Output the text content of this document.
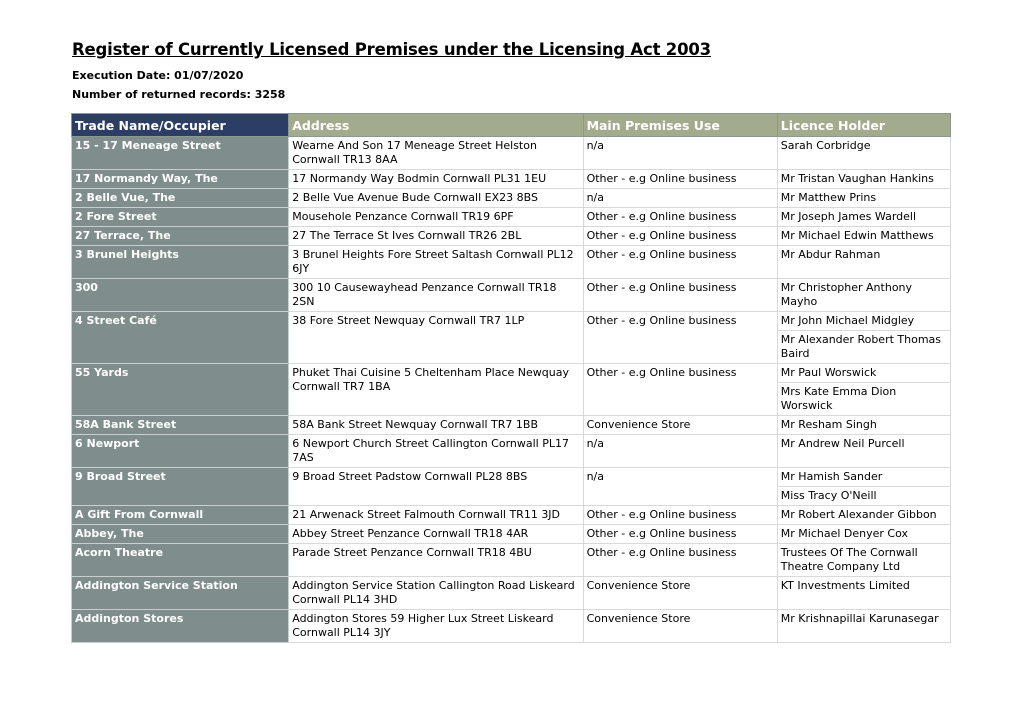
Register of Currently Licensed Premises under the Licensing Act 2003
Execution Date: 01/07/2020
Number of returned records: 3258
Trade Name/Occupier	Address	Main Premises Use	Licence Holder
15 - 17 Meneage Street	Wearne And Son 17 Meneage Street Helston Cornwall TR13 8AA	n/a	Sarah Corbridge
17 Normandy Way, The	17 Normandy Way Bodmin Cornwall PL31 1EU	Other - e.g Online business	Mr Tristan Vaughan Hankins
2 Belle Vue, The	2 Belle Vue Avenue Bude Cornwall EX23 8BS	n/a	Mr Matthew Prins
2 Fore Street	Mousehole Penzance Cornwall TR19 6PF	Other - e.g Online business	Mr Joseph James Wardell
27 Terrace, The	27 The Terrace St Ives Cornwall TR26 2BL	Other - e.g Online business	Mr Michael Edwin Matthews
3 Brunel Heights	3 Brunel Heights Fore Street Saltash Cornwall PL12 6JY	Other - e.g Online business	Mr Abdur Rahman
300	300 10 Causewayhead Penzance Cornwall TR18 2SN	Other - e.g Online business	Mr Christopher Anthony Mayho
4 Street Café	38 Fore Street Newquay Cornwall TR7 1LP	Other - e.g Online business	Mr John Michael Midgley
			Mr Alexander Robert Thomas Baird
55 Yards	Phuket Thai Cuisine 5 Cheltenham Place Newquay Cornwall TR7 1BA	Other - e.g Online business	Mr Paul Worswick
			Mrs Kate Emma Dion Worswick
58A Bank Street	58A Bank Street Newquay Cornwall TR7 1BB	Convenience Store	Mr Resham Singh
6 Newport	6 Newport Church Street Callington Cornwall PL17 7AS	n/a	Mr Andrew Neil Purcell
9 Broad Street	9 Broad Street Padstow Cornwall PL28 8BS	n/a	Mr Hamish Sander
			Miss Tracy O'Neill
A Gift From Cornwall	21 Arwenack Street Falmouth Cornwall TR11 3JD	Other - e.g Online business	Mr Robert Alexander Gibbon
Abbey, The	Abbey Street Penzance Cornwall TR18 4AR	Other - e.g Online business	Mr Michael Denyer Cox
Acorn Theatre	Parade Street Penzance Cornwall TR18 4BU	Other - e.g Online business	Trustees Of The Cornwall Theatre Company Ltd
Addington Service Station	Addington Service Station Callington Road Liskeard Cornwall PL14 3HD	Convenience Store	KT Investments Limited
Addington Stores	Addington Stores 59 Higher Lux Street Liskeard Cornwall PL14 3JY	Convenience Store	Mr Krishnapillai Karunasegar
